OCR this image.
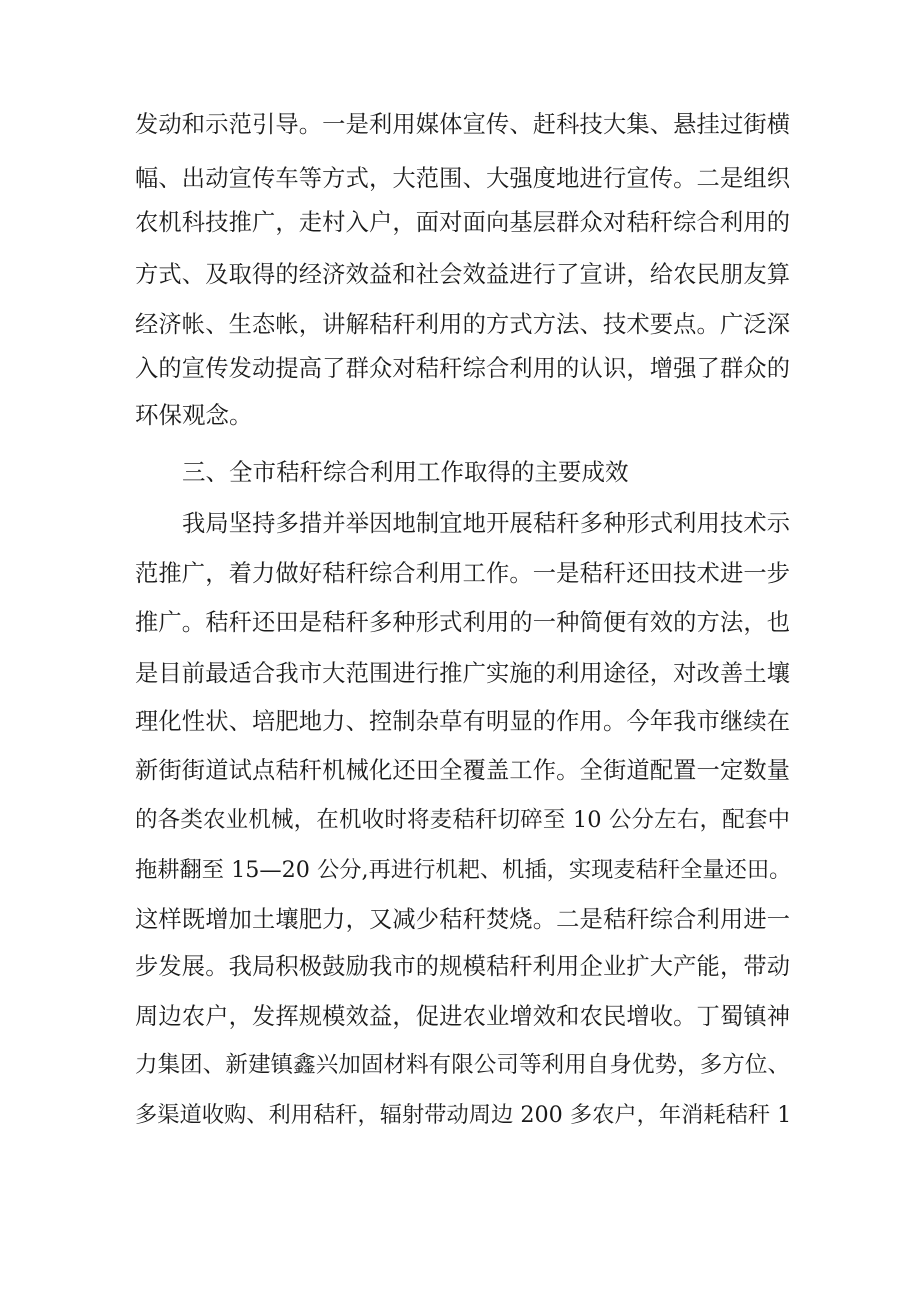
发动和示范引导。一是利用媒体宣传、赶科技大集、悬挂过街横
幅、出动宣传车等方式，大范围、大强度地进行宣传。二是组织
农机科技推广，走村入户，面对面向基层群众对秸秆综合利用的
方式、及取得的经济效益和社会效益进行了宣讲，给农民朋友算
经济帐、生态帐，讲解秸秆利用的方式方法、技术要点。广泛深
入的宣传发动提高了群众对秸秆综合利用的认识，增强了群众的
环保观念。
三、全市秸秆综合利用工作取得的主要成效
我局坚持多措并举因地制宜地开展秸秆多种形式利用技术示
范推广，着力做好秸秆综合利用工作。一是秸秆还田技术进一步
推广。秸秆还田是秸秆多种形式利用的一种简便有效的方法，也
是目前最适合我市大范围进行推广实施的利用途径，对改善土壤
理化性状、培肥地力、控制杂草有明显的作用。今年我市继续在
新街街道试点秸秆机械化还田全覆盖工作。全街道配置一定数量
的各类农业机械，在机收时将麦秸秆切碎至 10 公分左右，配套中
拖耕翻至 15—20 公分,再进行机耙、机插，实现麦秸秆全量还田。
这样既增加土壤肥力，又减少秸秆焚烧。二是秸秆综合利用进一
步发展。我局积极鼓励我市的规模秸秆利用企业扩大产能，带动
周边农户，发挥规模效益，促进农业增效和农民增收。丁蜀镇神
力集团、新建镇鑫兴加固材料有限公司等利用自身优势，多方位、
多渠道收购、利用秸秆，辐射带动周边 200 多农户，年消耗秸秆 1
